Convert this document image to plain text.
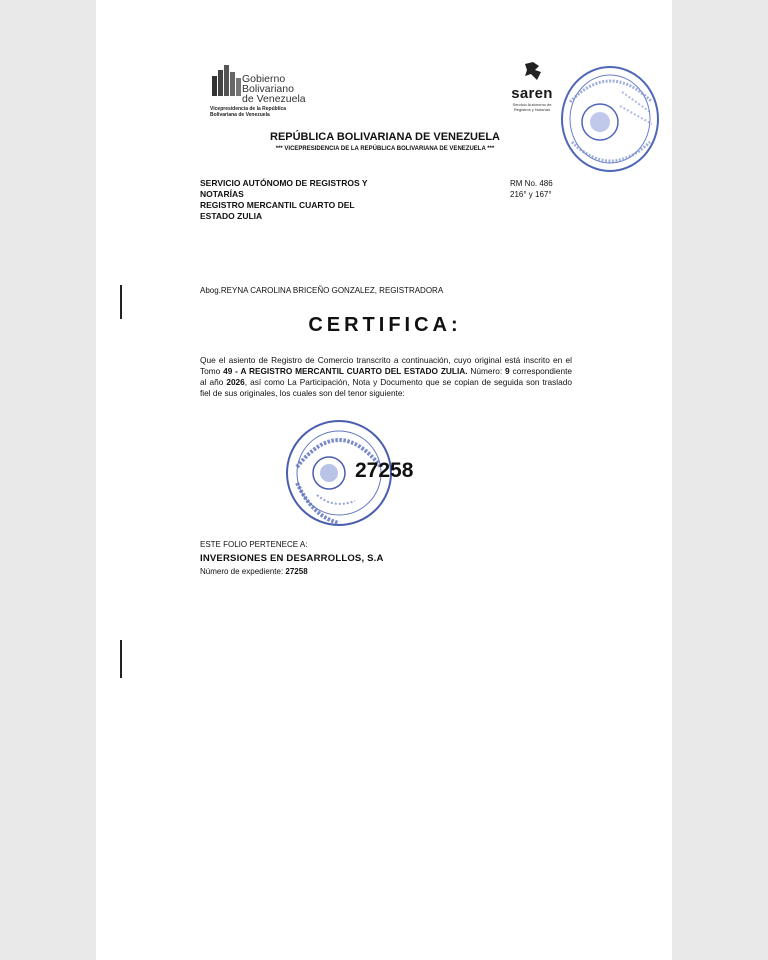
Gobierno
Bolivariano
de Venezuela
Vicepresidencia de la República
Bolivariana de Venezuela
saren
Servicio Autónomo de
Registros y Notarías
REPÚBLICA BOLIVARIANA DE VENEZUELA
*** VICEPRESIDENCIA DE LA REPÚBLICA BOLIVARIANA DE VENEZUELA ***
SERVICIO AUTÓNOMO DE REGISTROS Y
NOTARÍAS
REGISTRO MERCANTIL CUARTO DEL
ESTADO ZULIA
RM No. 486
216° y 167°
Abog.REYNA CAROLINA BRICEÑO GONZALEZ, REGISTRADORA
CERTIFICA:
Que el asiento de Registro de Comercio transcrito a continuación, cuyo original está inscrito en el Tomo 49 - A REGISTRO MERCANTIL CUARTO DEL ESTADO ZULIA. Número: 9 correspondiente al año 2026, así como La Participación, Nota y Documento que se copian de seguida son traslado fiel de sus originales, los cuales son del tenor siguiente:
27258
ESTE FOLIO PERTENECE A:
INVERSIONES EN DESARROLLOS, S.A
Número de expediente: 27258
